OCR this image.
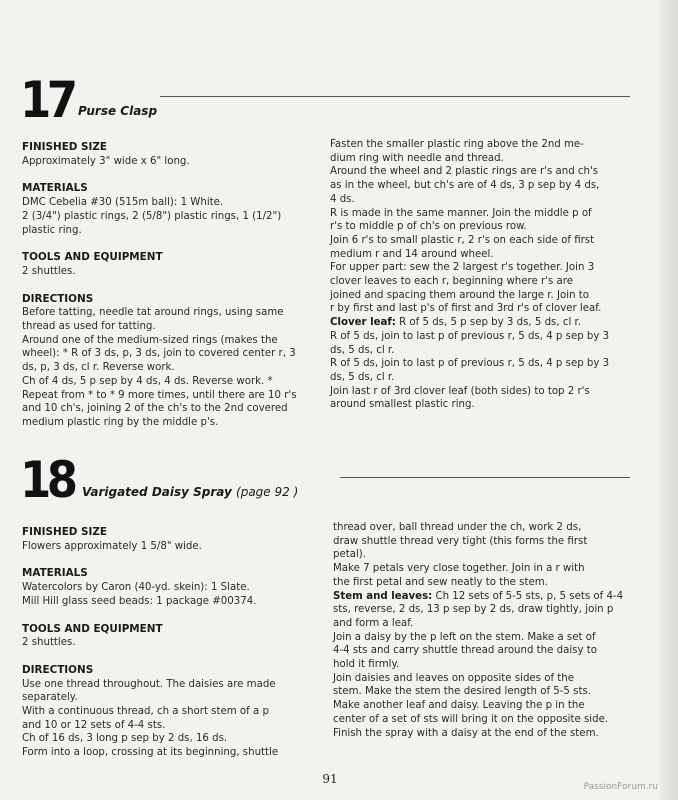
17 Purse Clasp
FINISHED SIZE

Approximately 3" wide x 6" long.

MATERIALS

DMC Cebelia #30 (515m ball): 1 White.

2 (3/4") plastic rings, 2 (5/8") plastic rings, 1 (1/2")

plastic ring.

TOOLS AND EQUIPMENT

2 shuttles.

DIRECTIONS

Before tatting, needle tat around rings, using same

thread as used for tatting.

Around one of the medium-sized rings (makes the

wheel): * R of 3 ds, p, 3 ds, join to covered center r, 3

ds, p, 3 ds, cl r. Reverse work.

Ch of 4 ds, 5 p sep by 4 ds, 4 ds. Reverse work. *

Repeat from * to * 9 more times, until there are 10 r's

and 10 ch's, joining 2 of the ch's to the 2nd covered

medium plastic ring by the middle p's.

Fasten the smaller plastic ring above the 2nd me-

dium ring with needle and thread.

Around the wheel and 2 plastic rings are r's and ch's

as in the wheel, but ch's are of 4 ds, 3 p sep by 4 ds,

4 ds.

R is made in the same manner. Join the middle p of

r's to middle p of ch's on previous row.

Join 6 r's to small plastic r, 2 r's on each side of first

medium r and 14 around wheel.

For upper part: sew the 2 largest r's together. Join 3

clover leaves to each r, beginning where r's are

joined and spacing them around the large r. Join to

r by first and last p's of first and 3rd r's of clover leaf.

Clover leaf: R of 5 ds, 5 p sep by 3 ds, 5 ds, cl r.

R of 5 ds, join to last p of previous r, 5 ds, 4 p sep by 3

ds, 5 ds, cl r.

R of 5 ds, join to last p of previous r, 5 ds, 4 p sep by 3

ds, 5 ds, cl r.

Join last r of 3rd clover leaf (both sides) to top 2 r's

around smallest plastic ring.

18 Varigated Daisy Spray (page 92 )
FINISHED SIZE

Flowers approximately 1 5/8" wide.

MATERIALS

Watercolors by Caron (40-yd. skein): 1 Slate.

Mill Hill glass seed beads: 1 package #00374.

TOOLS AND EQUIPMENT

2 shuttles.

DIRECTIONS

Use one thread throughout. The daisies are made

separately.

With a continuous thread, ch a short stem of a p

and 10 or 12 sets of 4-4 sts.

Ch of 16 ds, 3 long p sep by 2 ds, 16 ds.

Form into a loop, crossing at its beginning, shuttle

thread over, ball thread under the ch, work 2 ds,

draw shuttle thread very tight (this forms the first

petal).

Make 7 petals very close together. Join in a r with

the first petal and sew neatly to the stem.

Stem and leaves: Ch 12 sets of 5-5 sts, p, 5 sets of 4-4

sts, reverse, 2 ds, 13 p sep by 2 ds, draw tightly, join p

and form a leaf.

Join a daisy by the p left on the stem. Make a set of

4-4 sts and carry shuttle thread around the daisy to

hold it firmly.

Join daisies and leaves on opposite sides of the

stem. Make the stem the desired length of 5-5 sts.

Make another leaf and daisy. Leaving the p in the

center of a set of sts will bring it on the opposite side.

Finish the spray with a daisy at the end of the stem.

91
PassionForum.ru
